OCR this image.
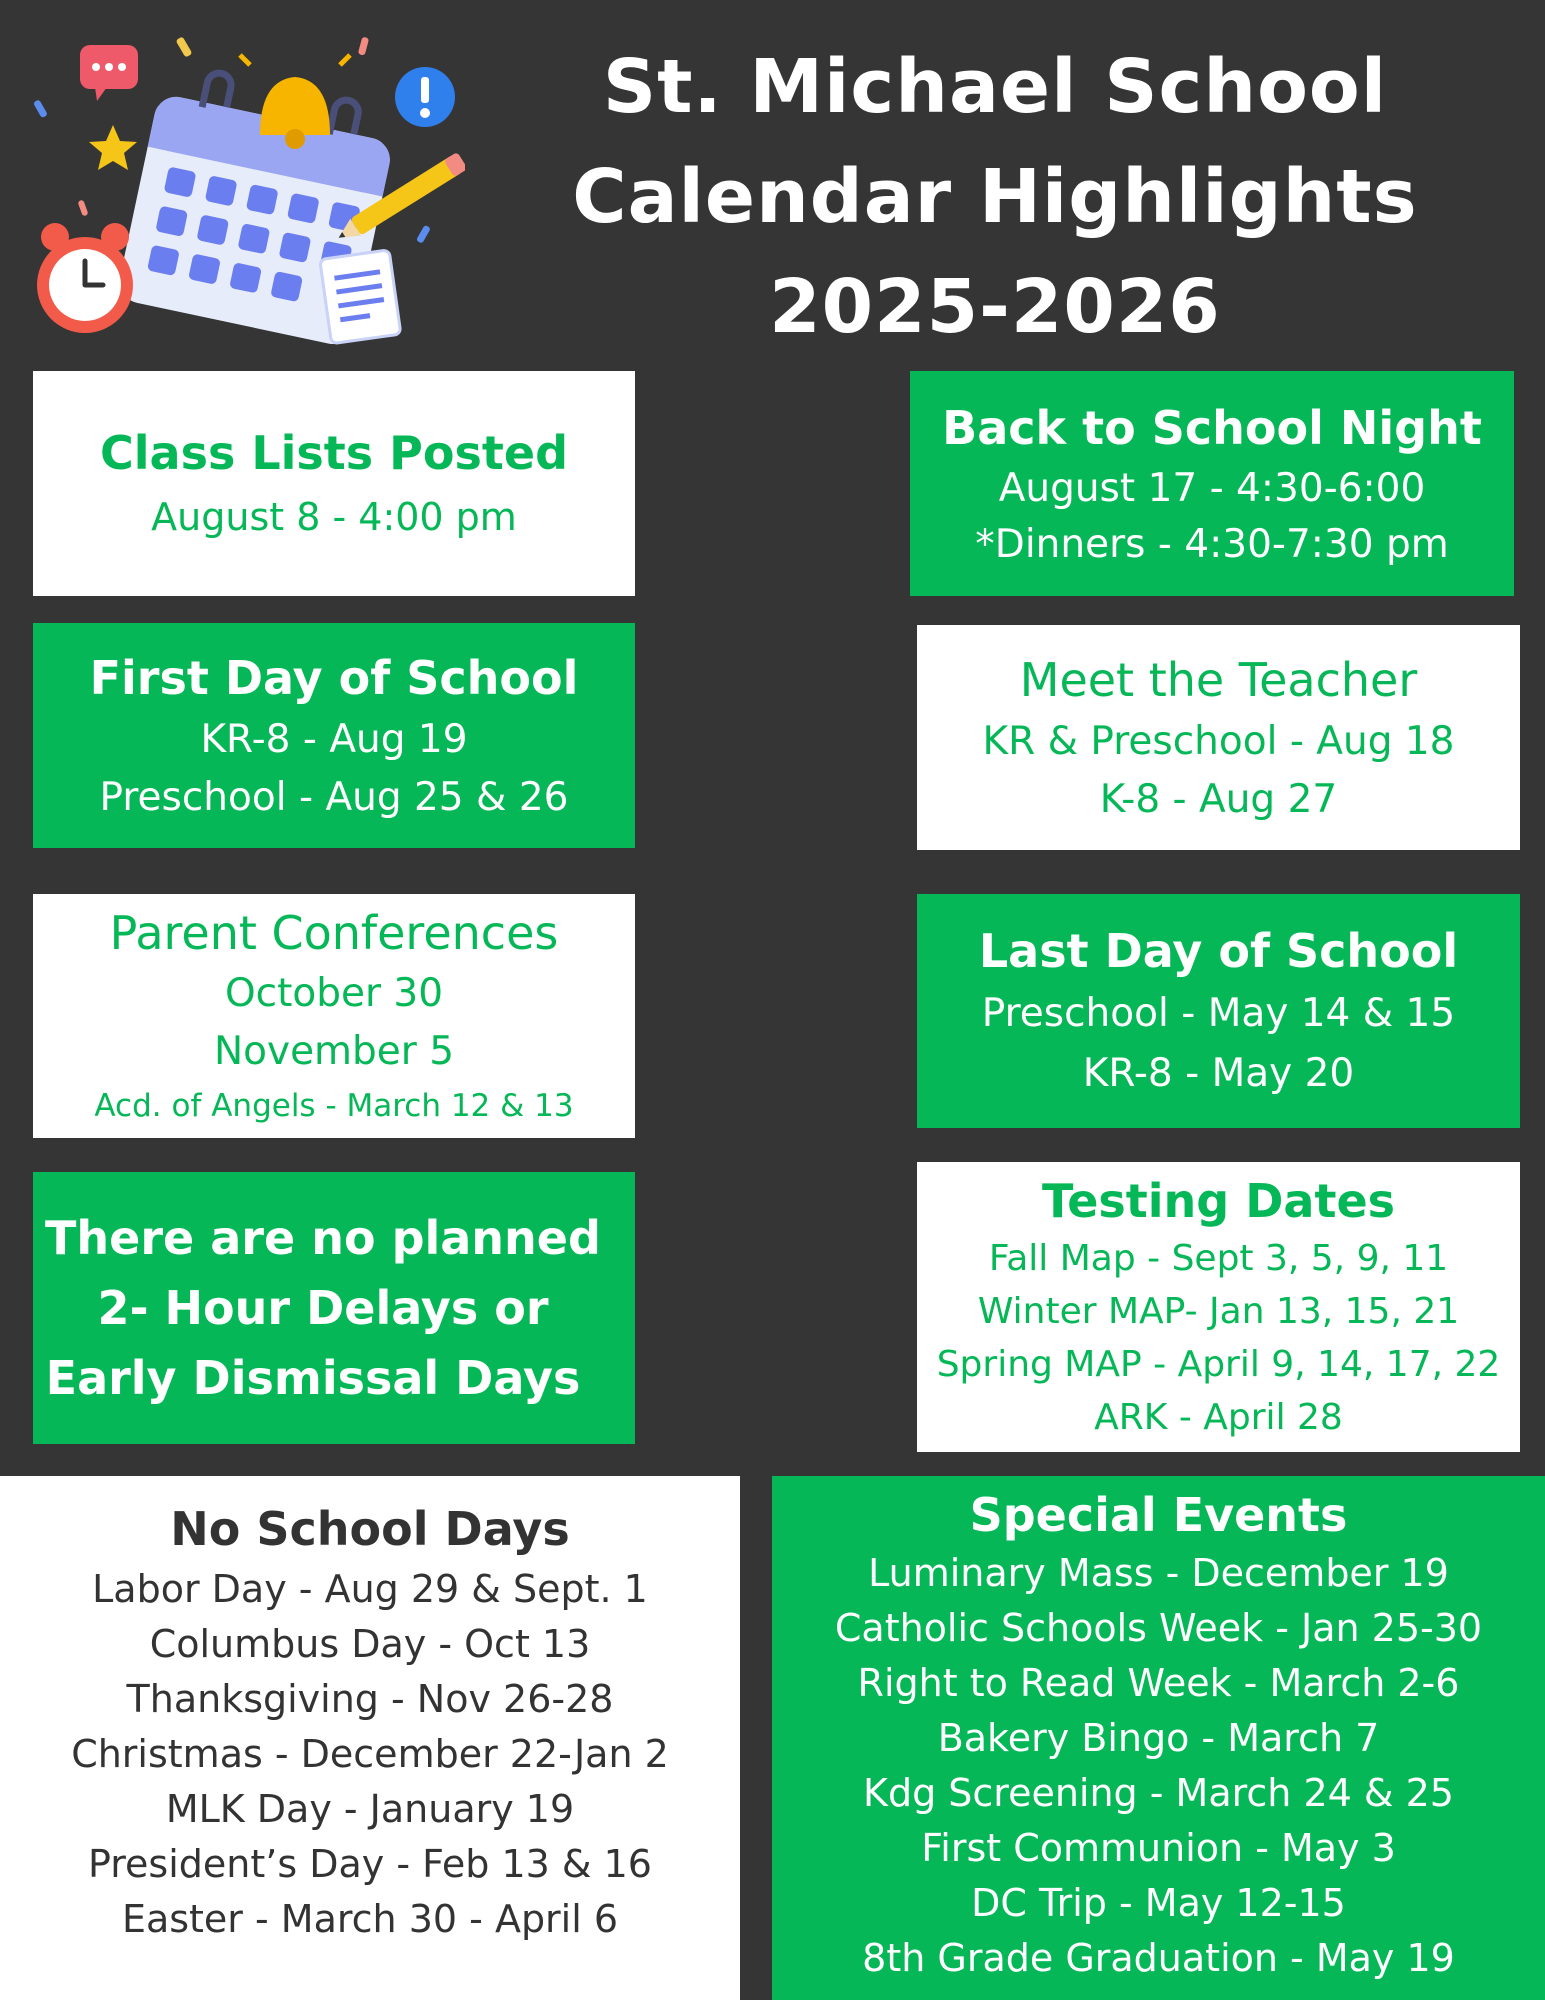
St. Michael School
Calendar Highlights
2025-2026
Class Lists Posted
August 8 - 4:00 pm
Back to School Night
August 17 - 4:30-6:00
*Dinners - 4:30-7:30 pm
First Day of School
KR-8 - Aug 19
Preschool - Aug 25 & 26
Meet the Teacher
KR & Preschool - Aug 18
K-8 - Aug 27
Parent Conferences
October 30
November 5
Acd. of Angels - March 12 & 13
Last Day of School
Preschool - May 14 & 15
KR-8 - May 20
There are no planned
2- Hour Delays or
Early Dismissal Days
Testing Dates
Fall Map - Sept 3, 5, 9, 11
Winter MAP- Jan 13, 15, 21
Spring MAP - April 9, 14, 17, 22
ARK - April 28
No School Days
Labor Day - Aug 29 & Sept. 1
Columbus Day - Oct 13
Thanksgiving - Nov 26-28
Christmas - December 22-Jan 2
MLK Day - January 19
President’s Day - Feb 13 & 16
Easter - March 30 - April 6
Special Events
Luminary Mass - December 19
Catholic Schools Week - Jan 25-30
Right to Read Week - March 2-6
Bakery Bingo - March 7
Kdg Screening - March 24 & 25
First Communion - May 3
DC Trip - May 12-15
8th Grade Graduation - May 19
